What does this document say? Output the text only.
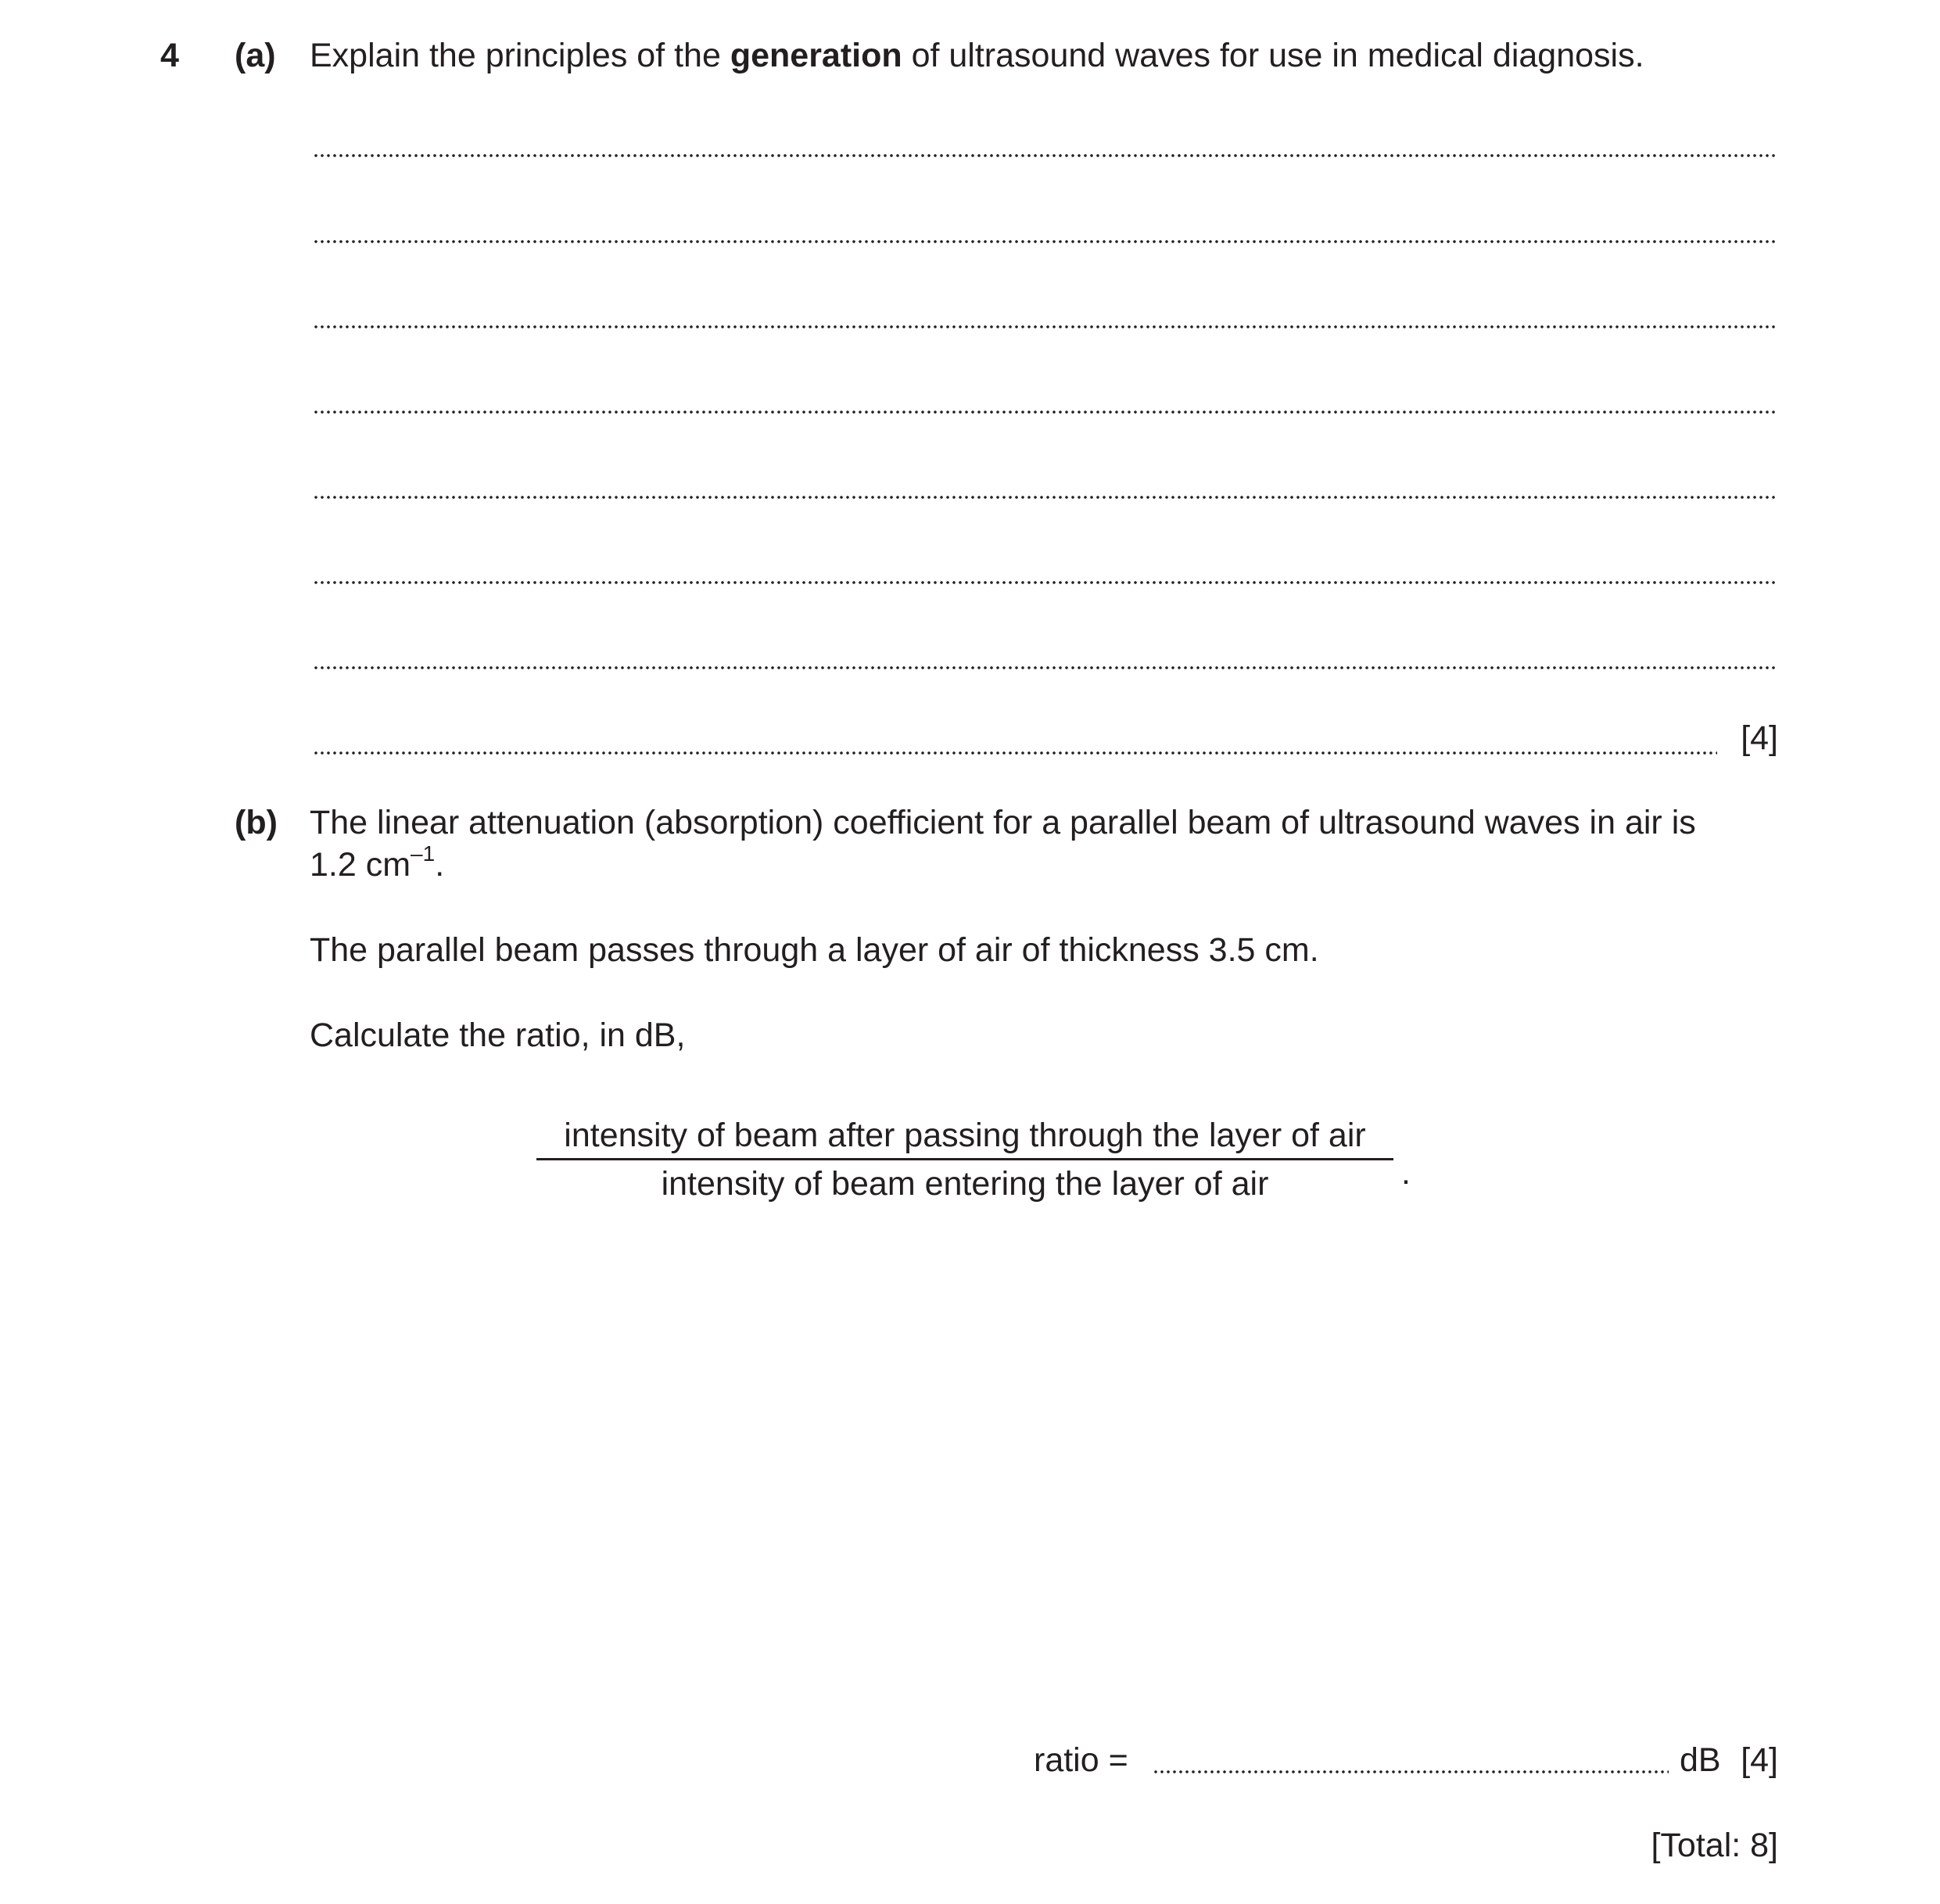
4 (a) Explain the principles of the generation of ultrasound waves for use in medical diagnosis.
[4]
(b) The linear attenuation (absorption) coefficient for a parallel beam of ultrasound waves in air is
1.2 $cm^{-1}$.
The parallel beam passes through a layer of air of thickness 3.5 cm.
Calculate the ratio, in dB,
intensity of beam after passing through the layer of air
intensity of beam entering the layer of air	.
ratio =	dB [4]
[Total: 8]
